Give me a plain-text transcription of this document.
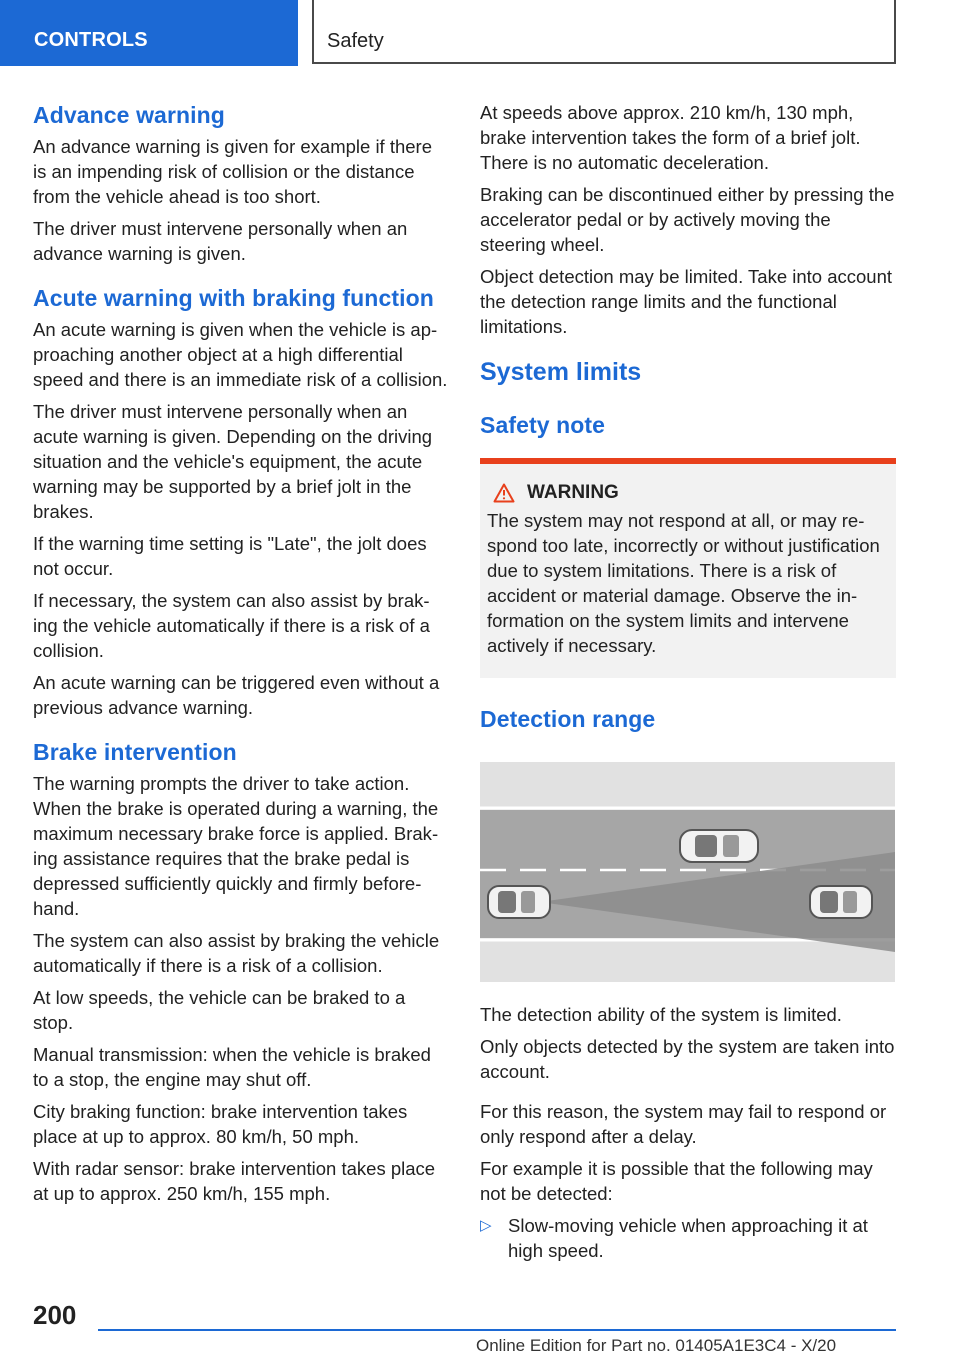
CONTROLS	Safety
Advance warning

An advance warning is given for example if there is an impending risk of collision or the distance from the vehicle ahead is too short.

The driver must intervene personally when an advance warning is given.

Acute warning with braking function

An acute warning is given when the vehicle is approaching another object at a high differential speed and there is an immediate risk of a collision.

The driver must intervene personally when an acute warning is given. Depending on the driving situation and the vehicle's equipment, the acute warning may be supported by a brief jolt in the brakes.

If the warning time setting is "Late", the jolt does not occur.

If necessary, the system can also assist by braking the vehicle automatically if there is a risk of a collision.

An acute warning can be triggered even without a previous advance warning.

Brake intervention

The warning prompts the driver to take action. When the brake is operated during a warning, the maximum necessary brake force is applied. Braking assistance requires that the brake pedal is depressed sufficiently quickly and firmly beforehand.

The system can also assist by braking the vehicle automatically if there is a risk of a collision.

At low speeds, the vehicle can be braked to a stop.

Manual transmission: when the vehicle is braked to a stop, the engine may shut off.

City braking function: brake intervention takes place at up to approx. 80 km/h, 50 mph.

With radar sensor: brake intervention takes place at up to approx. 250 km/h, 155 mph.

At speeds above approx. 210 km/h, 130 mph, brake intervention takes the form of a brief jolt. There is no automatic deceleration.

Braking can be discontinued either by pressing the accelerator pedal or by actively moving the steering wheel.

Object detection may be limited. Take into account the detection range limits and the functional limitations.

System limits
Safety note
WARNING

The system may not respond at all, or may respond too late, incorrectly or without justification due to system limitations. There is a risk of accident or material damage. Observe the information on the system limits and intervene actively if necessary.

Detection range

The detection ability of the system is limited.

Only objects detected by the system are taken into account.

For this reason, the system may fail to respond or only respond after a delay.

For example it is possible that the following may not be detected:

▷ Slow-moving vehicle when approaching it at high speed.

200
Online Edition for Part no. 01405A1E3C4 - X/20
